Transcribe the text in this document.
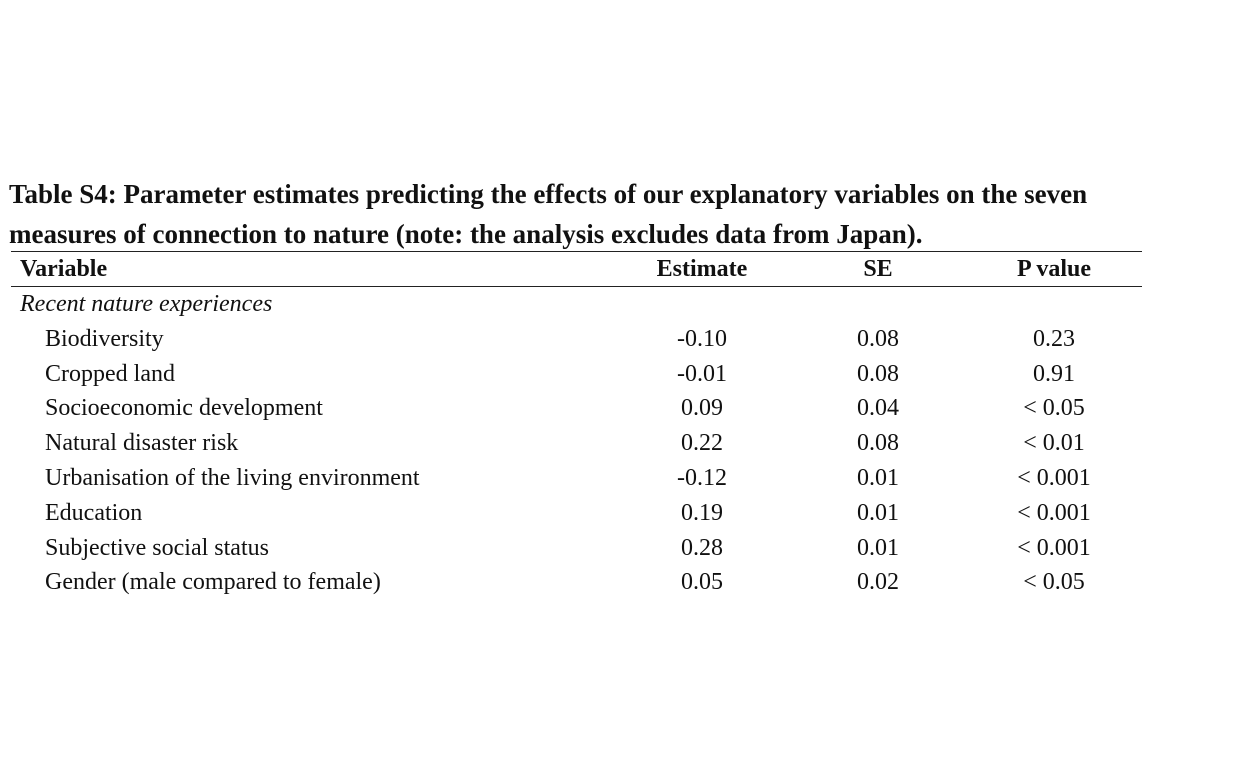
Table S4: Parameter estimates predicting the effects of our explanatory variables on the seven
measures of connection to nature (note: the analysis excludes data from Japan).
Variable	Estimate	SE	P value
Recent nature experiences			
Biodiversity	-0.10	0.08	0.23
Cropped land	-0.01	0.08	0.91
Socioeconomic development	0.09	0.04	< 0.05
Natural disaster risk	0.22	0.08	< 0.01
Urbanisation of the living environment	-0.12	0.01	< 0.001
Education	0.19	0.01	< 0.001
Subjective social status	0.28	0.01	< 0.001
Gender (male compared to female)	0.05	0.02	< 0.05
